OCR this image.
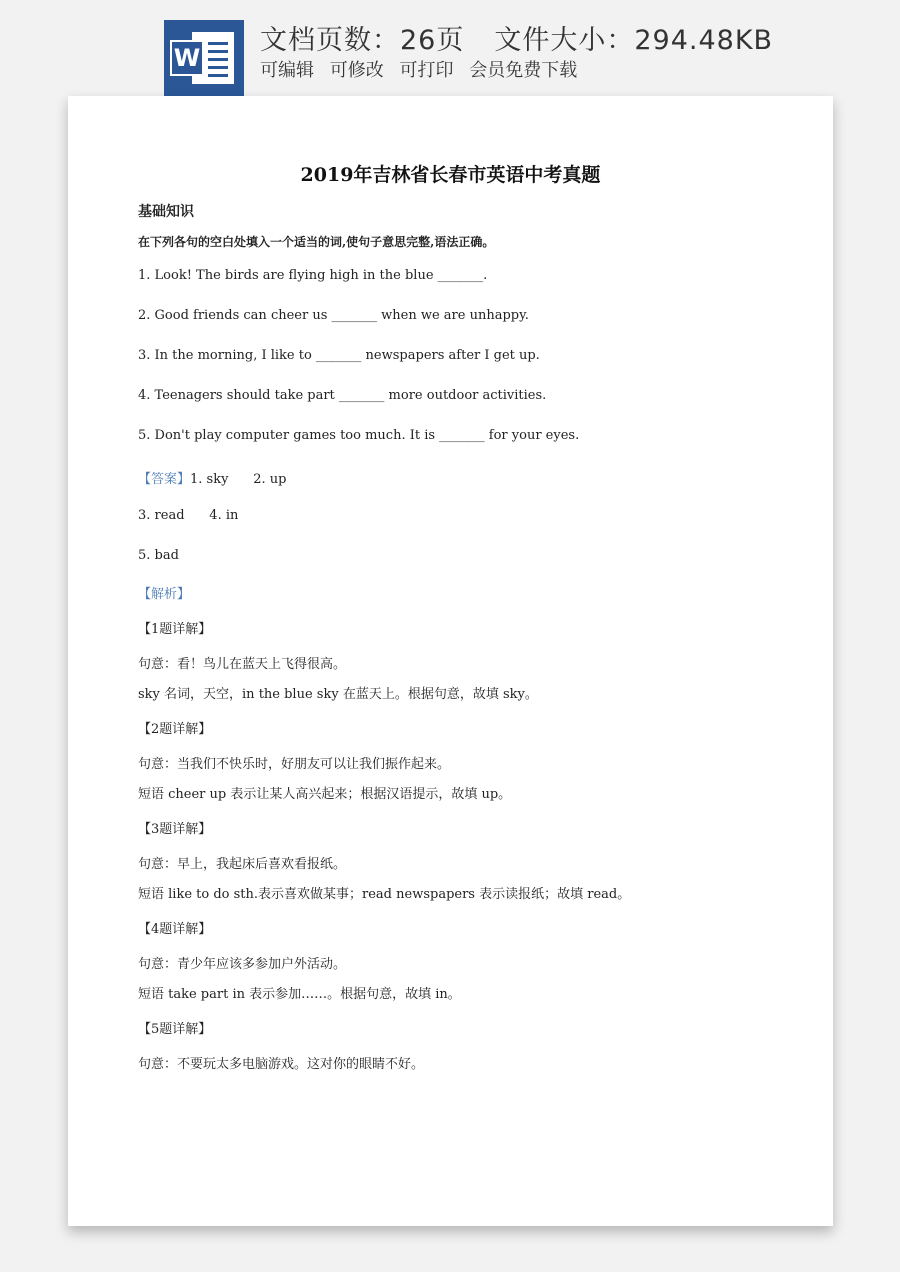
W
文档页数：26页 文件大小：294.48KB
可编辑 可修改 可打印 会员免费下载
2019年吉林省长春市英语中考真题
基础知识
在下列各句的空白处填入一个适当的词,使句子意思完整,语法正确。
1. Look! The birds are flying high in the blue _______.
2. Good friends can cheer us _______ when we are unhappy.
3. In the morning, I like to _______ newspapers after I get up.
4. Teenagers should take part _______ more outdoor activities.
5. Don't play computer games too much. It is _______ for your eyes.
【答案】1. sky      2. up
3. read      4. in
5. bad
【解析】
【1题详解】
句意：看！鸟儿在蓝天上飞得很高。
sky 名词，天空，in the blue sky 在蓝天上。根据句意，故填 sky。
【2题详解】
句意：当我们不快乐时，好朋友可以让我们振作起来。
短语 cheer up 表示让某人高兴起来；根据汉语提示，故填 up。
【3题详解】
句意：早上，我起床后喜欢看报纸。
短语 like to do sth.表示喜欢做某事；read newspapers 表示读报纸；故填 read。
【4题详解】
句意：青少年应该多参加户外活动。
短语 take part in 表示参加……。根据句意，故填 in。
【5题详解】
句意：不要玩太多电脑游戏。这对你的眼睛不好。
